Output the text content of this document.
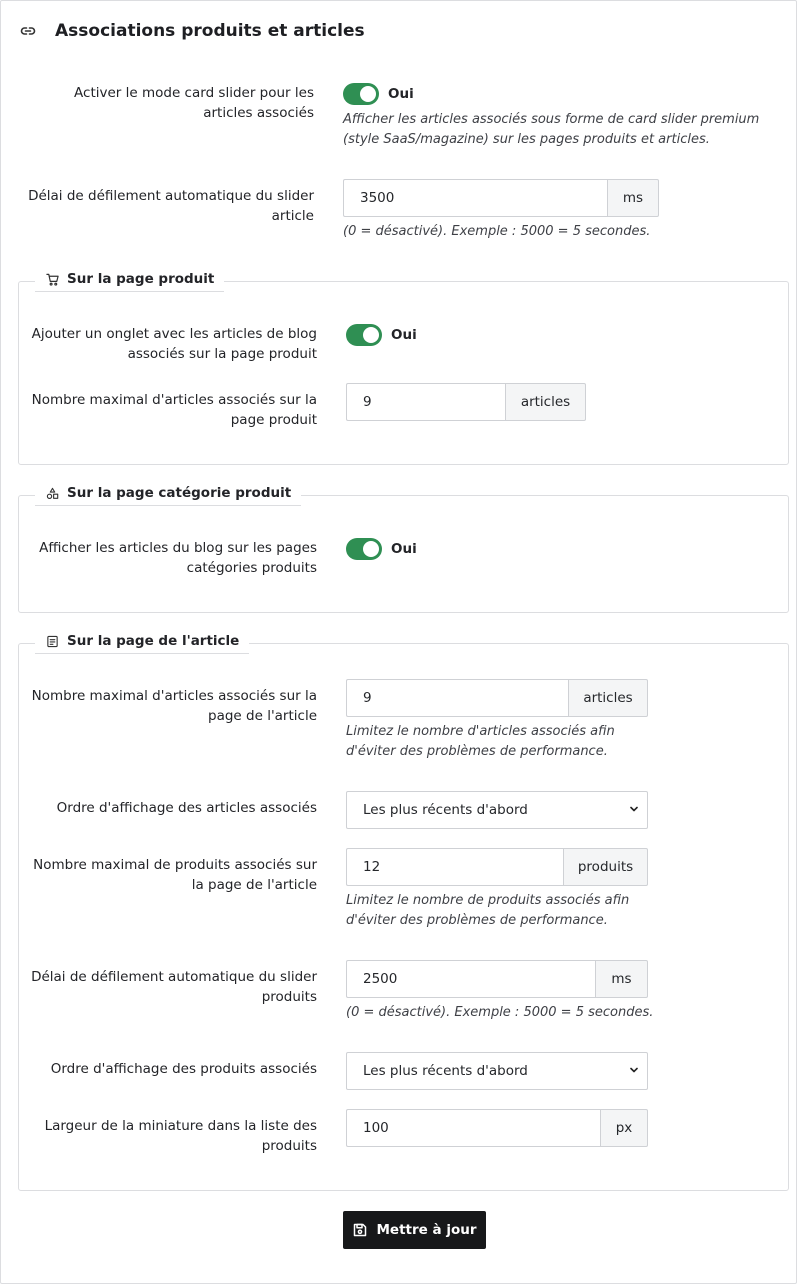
Associations produits et articles
Activer le mode card slider pour les articles associés
Oui
Afficher les articles associés sous forme de card slider premium (style SaaS/magazine) sur les pages produits et articles.
Délai de défilement automatique du slider article
3500	ms
(0 = désactivé). Exemple : 5000 = 5 secondes.
Sur la page produit
Ajouter un onglet avec les articles de blog associés sur la page produit
Oui
Nombre maximal d'articles associés sur la page produit
9	articles
Sur la page catégorie produit
Afficher les articles du blog sur les pages catégories produits
Oui
Sur la page de l'article
Nombre maximal d'articles associés sur la page de l'article
9	articles
Limitez le nombre d'articles associés afin d'éviter des problèmes de performance.
Ordre d'affichage des articles associés	Les plus récents d'abord
Nombre maximal de produits associés sur la page de l'article
12	produits
Limitez le nombre de produits associés afin d'éviter des problèmes de performance.
Délai de défilement automatique du slider produits
2500	ms
(0 = désactivé). Exemple : 5000 = 5 secondes.
Ordre d'affichage des produits associés	Les plus récents d'abord
Largeur de la miniature dans la liste des produits
100	px
Mettre à jour
